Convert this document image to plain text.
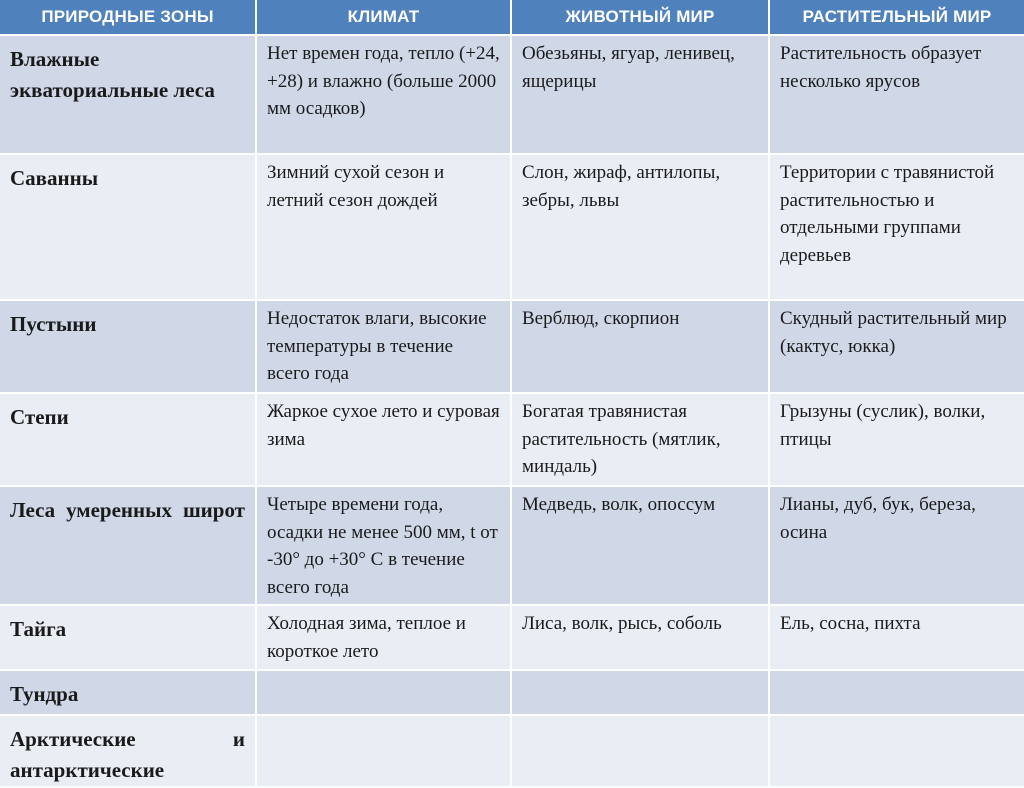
ПРИРОДНЫЕ ЗОНЫ	КЛИМАТ	ЖИВОТНЫЙ МИР	РАСТИТЕЛЬНЫЙ МИР
Влажные экваториальные леса	Нет времен года, тепло (+24, +28) и влажно (больше 2000 мм осадков)	Обезьяны, ягуар, ленивец, ящерицы	Растительность образует несколько ярусов
Саванны	Зимний сухой сезон и летний сезон дождей	Слон, жираф, антилопы, зебры, львы	Территории с травянистой растительностью и отдельными группами деревьев
Пустыни	Недостаток влаги, высокие температуры в течение всего года	Верблюд, скорпион	Скудный растительный мир (кактус, юкка)
Степи	Жаркое сухое лето и суровая зима	Богатая травянистая растительность (мятлик, миндаль)	Грызуны (суслик), волки, птицы
Леса умеренных широт	Четыре времени года, осадки не менее 500 мм, t от -30° до +30° С в течение всего года	Медведь, волк, опоссум	Лианы, дуб, бук, береза, осина
Тайга	Холодная зима, теплое и короткое лето	Лиса, волк, рысь, соболь	Ель, сосна, пихта
Тундра			
Арктические и антарктические			
